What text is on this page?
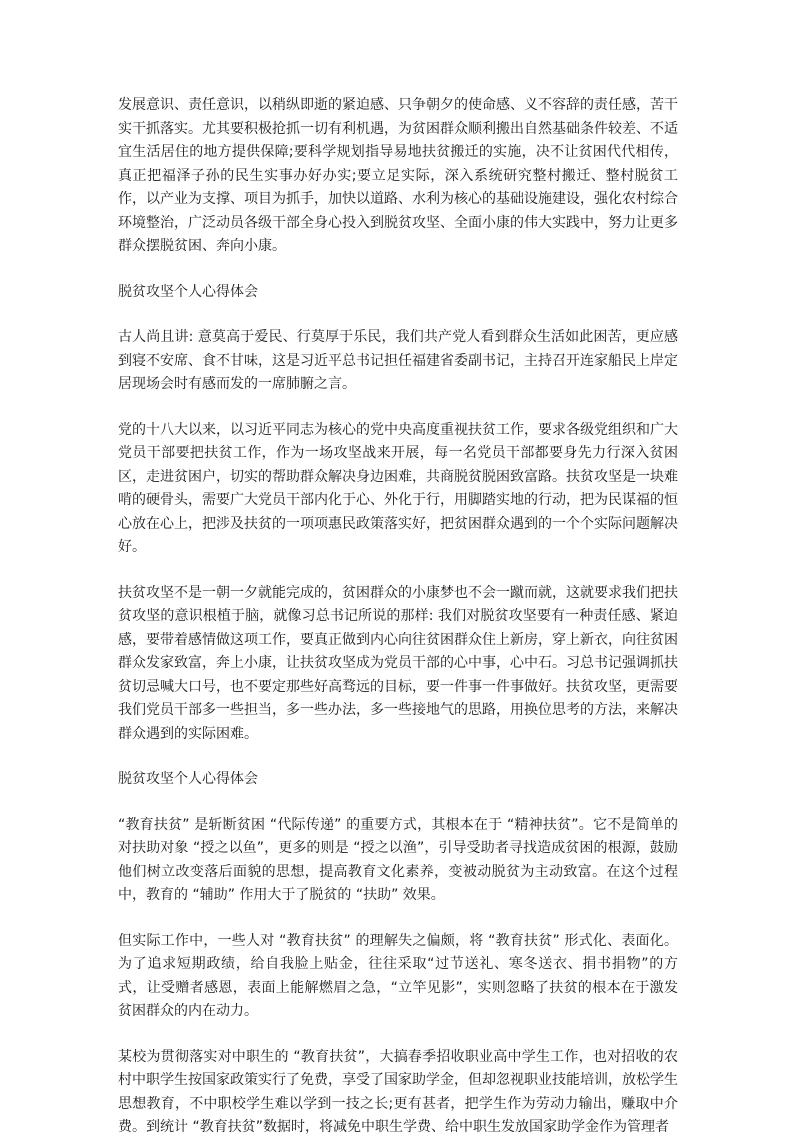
发展意识、责任意识，以稍纵即逝的紧迫感、只争朝夕的使命感、义不容辞的责任感，苦干实干抓落实。尤其要积极抢抓一切有利机遇，为贫困群众顺利搬出自然基础条件较差、不适宜生活居住的地方提供保障;要科学规划指导易地扶贫搬迁的实施，决不让贫困代代相传，真正把福泽子孙的民生实事办好办实;要立足实际，深入系统研究整村搬迁、整村脱贫工作，以产业为支撑、项目为抓手，加快以道路、水利为核心的基础设施建设，强化农村综合环境整治，广泛动员各级干部全身心投入到脱贫攻坚、全面小康的伟大实践中，努力让更多群众摆脱贫困、奔向小康。

脱贫攻坚个人心得体会

古人尚且讲: 意莫高于爱民、行莫厚于乐民，我们共产党人看到群众生活如此困苦，更应感到寝不安席、食不甘味，这是习近平总书记担任福建省委副书记，主持召开连家船民上岸定居现场会时有感而发的一席肺腑之言。

党的十八大以来，以习近平同志为核心的党中央高度重视扶贫工作，要求各级党组织和广大党员干部要把扶贫工作，作为一场攻坚战来开展，每一名党员干部都要身先力行深入贫困区，走进贫困户，切实的帮助群众解决身边困难，共商脱贫脱困致富路。扶贫攻坚是一块难啃的硬骨头，需要广大党员干部内化于心、外化于行，用脚踏实地的行动，把为民谋福的恒心放在心上，把涉及扶贫的一项项惠民政策落实好，把贫困群众遇到的一个个实际问题解决好。

扶贫攻坚不是一朝一夕就能完成的，贫困群众的小康梦也不会一蹴而就，这就要求我们把扶贫攻坚的意识根植于脑，就像习总书记所说的那样: 我们对脱贫攻坚要有一种责任感、紧迫感，要带着感情做这项工作，要真正做到内心向往贫困群众住上新房，穿上新衣，向往贫困群众发家致富，奔上小康，让扶贫攻坚成为党员干部的心中事，心中石。习总书记强调抓扶贫切忌喊大口号，也不要定那些好高骛远的目标，要一件事一件事做好。扶贫攻坚，更需要我们党员干部多一些担当，多一些办法，多一些接地气的思路，用换位思考的方法，来解决群众遇到的实际困难。

脱贫攻坚个人心得体会

“教育扶贫” 是斩断贫困 “代际传递” 的重要方式，其根本在于 “精神扶贫”。它不是简单的对扶助对象 “授之以鱼”，更多的则是 “授之以渔”，引导受助者寻找造成贫困的根源，鼓励他们树立改变落后面貌的思想，提高教育文化素养，变被动脱贫为主动致富。在这个过程中，教育的 “辅助” 作用大于了脱贫的 “扶助” 效果。

但实际工作中，一些人对 “教育扶贫” 的理解失之偏颇，将 “教育扶贫” 形式化、表面化。为了追求短期政绩，给自我脸上贴金，往往采取“过节送礼、寒冬送衣、捐书捐物”的方式，让受赠者感恩，表面上能解燃眉之急，“立竿见影”，实则忽略了扶贫的根本在于激发贫困群众的内在动力。

某校为贯彻落实对中职生的 “教育扶贫”，大搞春季招收职业高中学生工作，也对招收的农村中职学生按国家政策实行了免费，享受了国家助学金，但却忽视职业技能培训，放松学生思想教育，不中职校学生难以学到一技之长;更有甚者，把学生作为劳动力输出，赚取中介费。到统计 “教育扶贫”数据时，将减免中职生学费、给中职生发放国家助学金作为管理者
